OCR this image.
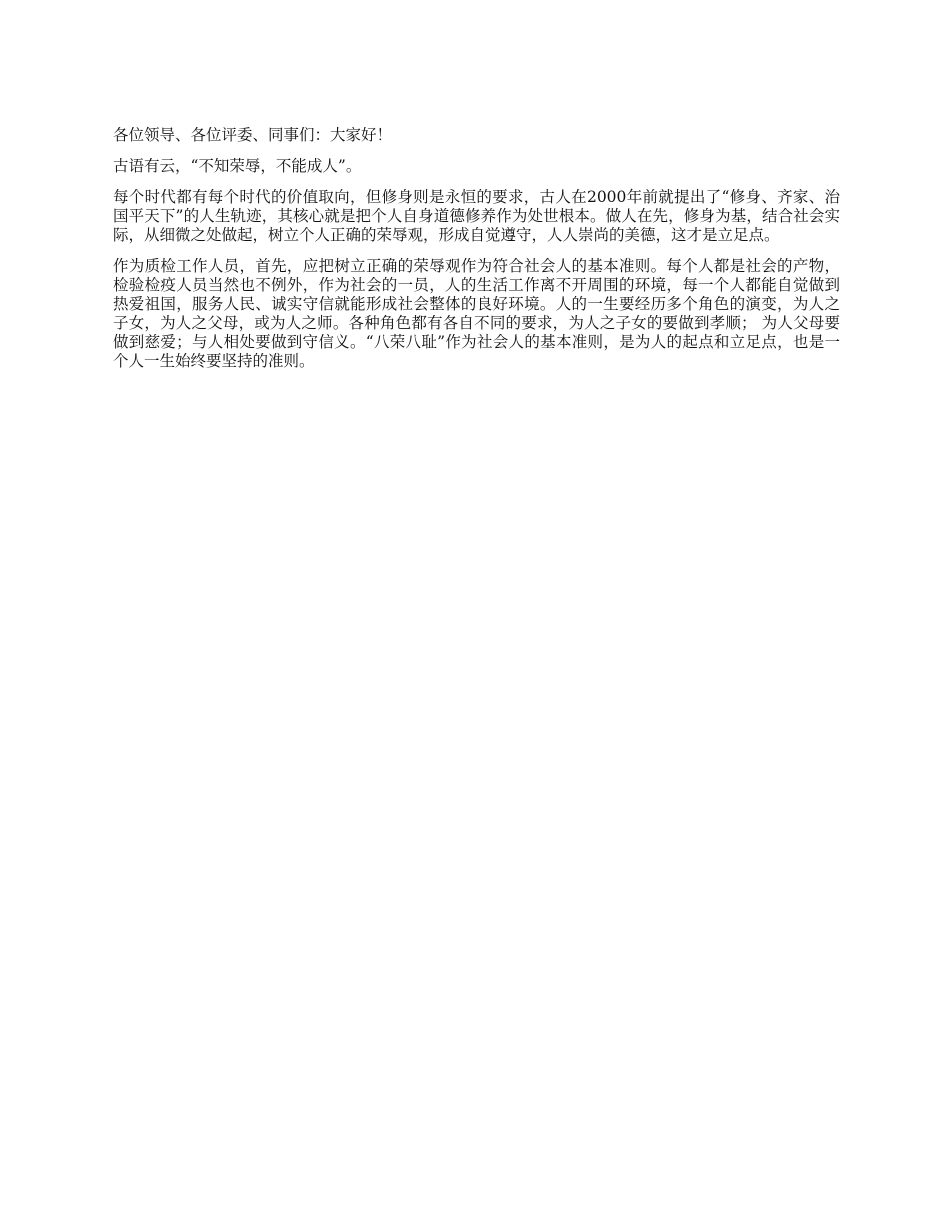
各位领导、各位评委、同事们：大家好！

古语有云，“不知荣辱，不能成人”。

每个时代都有每个时代的价值取向，但修身则是永恒的要求，古人在2000年前就提出了“修身、齐家、治国平天下”的人生轨迹，其核心就是把个人自身道德修养作为处世根本。做人在先，修身为基，结合社会实际，从细微之处做起，树立个人正确的荣辱观，形成自觉遵守，人人崇尚的美德，这才是立足点。

作为质检工作人员，首先，应把树立正确的荣辱观作为符合社会人的基本准则。每个人都是社会的产物，检验检疫人员当然也不例外，作为社会的一员，人的生活工作离不开周围的环境，每一个人都能自觉做到热爱祖国，服务人民、诚实守信就能形成社会整体的良好环境。人的一生要经历多个角色的演变，为人之子女，为人之父母，或为人之师。各种角色都有各自不同的要求，为人之子女的要做到孝顺； 为人父母要做到慈爱；与人相处要做到守信义。“八荣八耻”作为社会人的基本准则，是为人的起点和立足点，也是一个人一生始终要坚持的准则。
